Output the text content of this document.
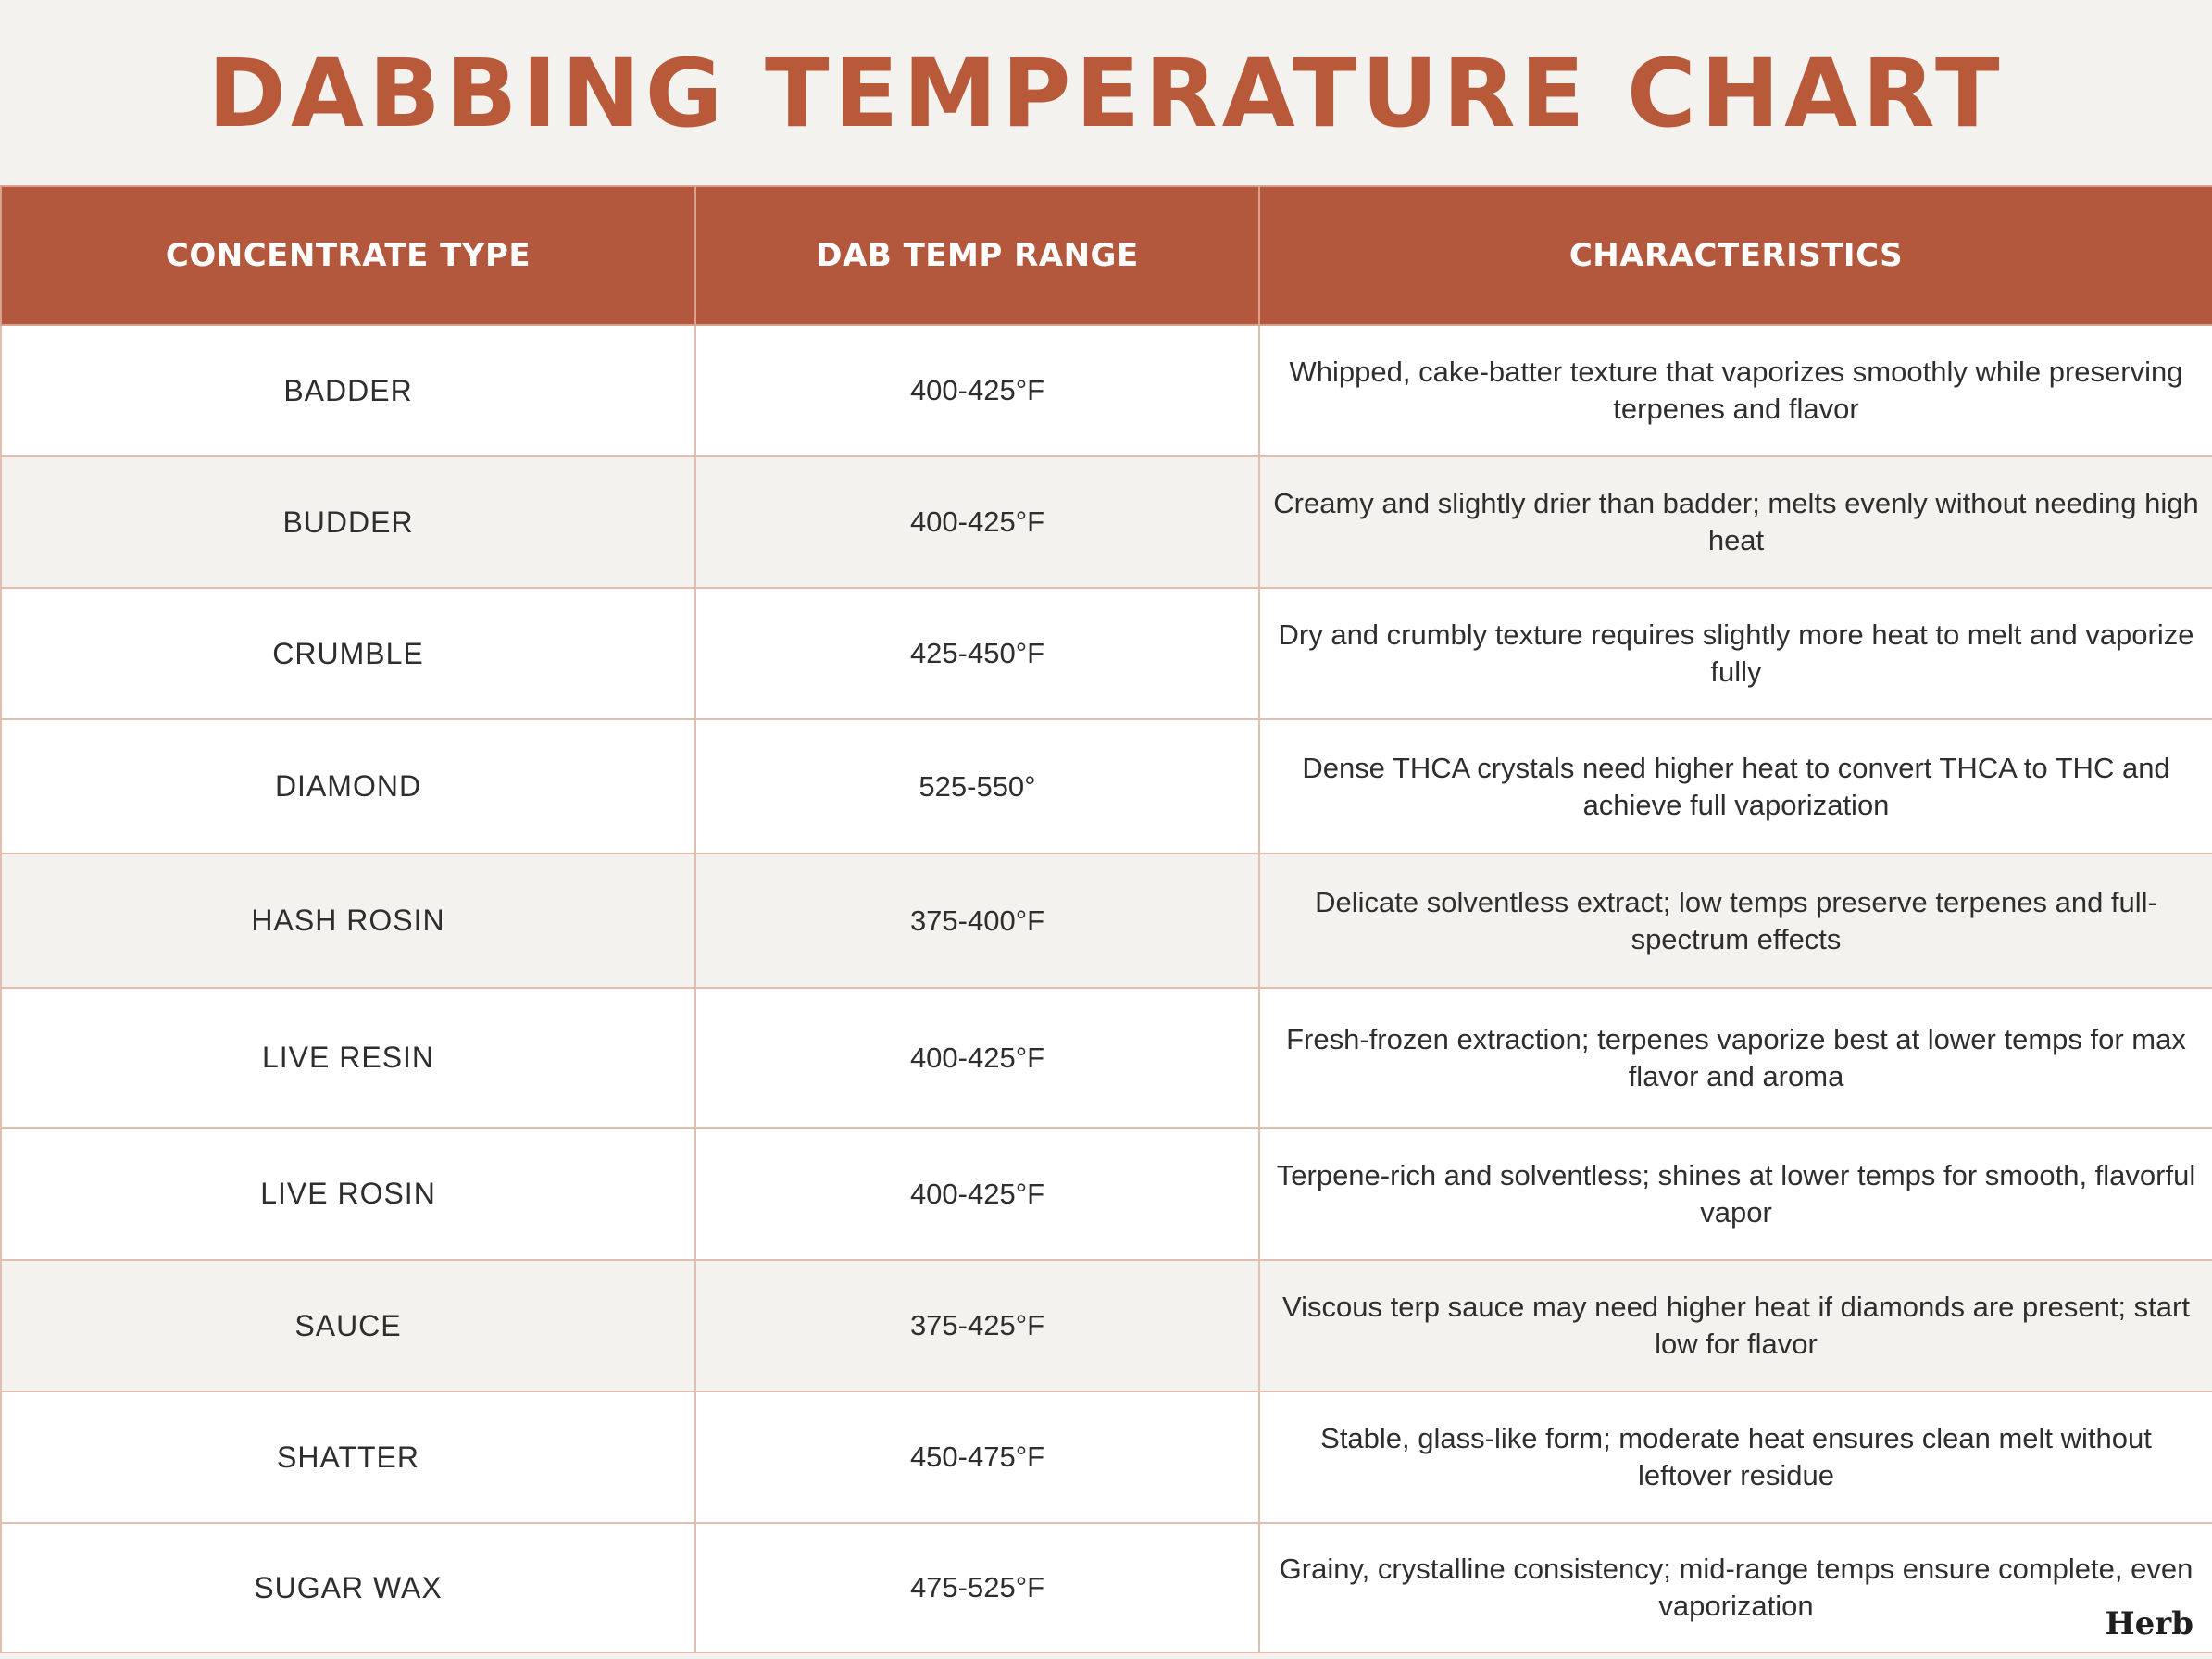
DABBING TEMPERATURE CHART
CONCENTRATE TYPE	DAB TEMP RANGE	CHARACTERISTICS
BADDER	400-425°F	Whipped, cake-batter texture that vaporizes smoothly while preserving terpenes and flavor
BUDDER	400-425°F	Creamy and slightly drier than badder; melts evenly without needing high heat
CRUMBLE	425-450°F	Dry and crumbly texture requires slightly more heat to melt and vaporize fully
DIAMOND	525-550°	Dense THCA crystals need higher heat to convert THCA to THC and achieve full vaporization
HASH ROSIN	375-400°F	Delicate solventless extract; low temps preserve terpenes and full-spectrum effects
LIVE RESIN	400-425°F	Fresh-frozen extraction; terpenes vaporize best at lower temps for max flavor and aroma
LIVE ROSIN	400-425°F	Terpene-rich and solventless; shines at lower temps for smooth, flavorful vapor
SAUCE	375-425°F	Viscous terp sauce may need higher heat if diamonds are present; start low for flavor
SHATTER	450-475°F	Stable, glass-like form; moderate heat ensures clean melt without leftover residue
SUGAR WAX	475-525°F	Grainy, crystalline consistency; mid-range temps ensure complete, even vaporization	Herb
